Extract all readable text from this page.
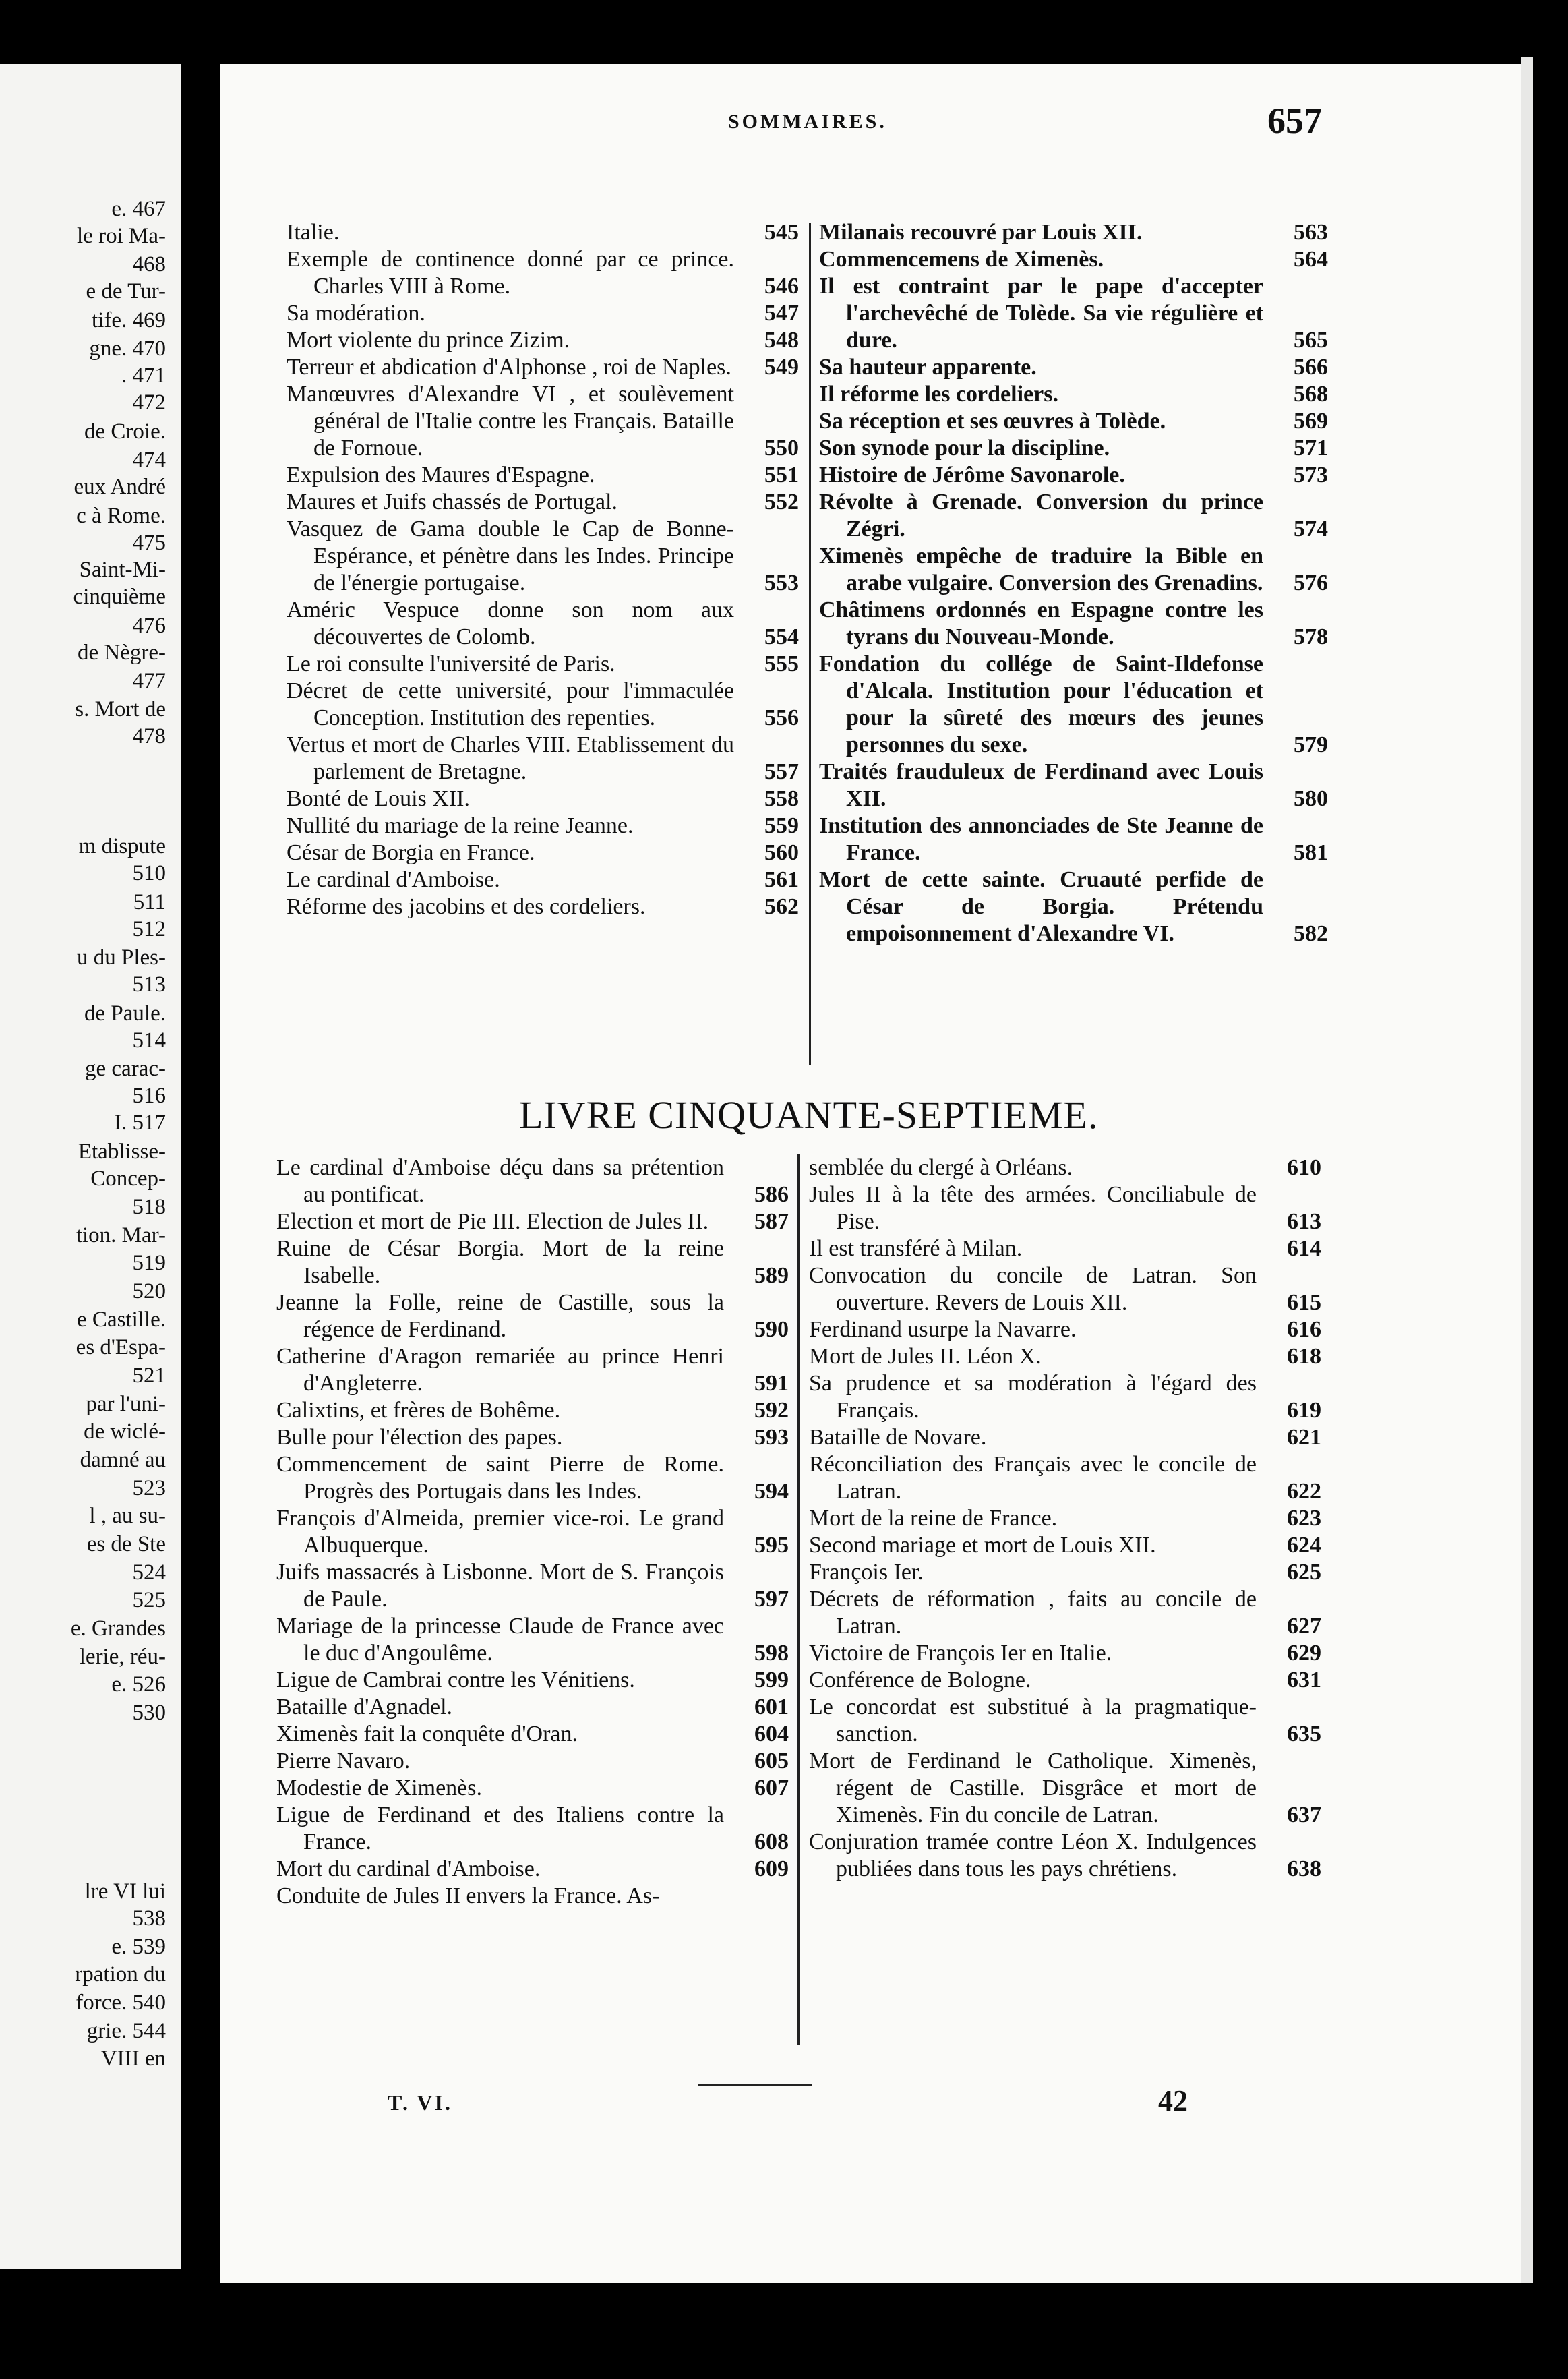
e. 467
le roi Ma-
468
e de Tur-
tife. 469
gne. 470
. 471
472
de Croie.
474
eux André
c à Rome.
475
Saint-Mi-
cinquième
476
de Nègre-
477
s. Mort de
478
m dispute
510
511
512
u du Ples-
513
de Paule.
514
ge carac-
516
I. 517
Etablisse-
Concep-
518
tion. Mar-
519
520
e Castille.
es d'Espa-
521
par l'uni-
de wiclé-
damné au
523
l , au su-
es de Ste
524
525
e. Grandes
lerie, réu-
e. 526
530
lre VI lui
538
e. 539
rpation du
force. 540
grie. 544
VIII en
SOMMAIRES.	657
Italie.	545
Exemple de continence donné par ce prince. Charles VIII à Rome.	546
Sa modération.	547
Mort violente du prince Zizim.	548
Terreur et abdication d'Alphonse , roi de Naples. 549
Manœuvres d'Alexandre VI , et soulèvement général de l'Italie contre les Français. Bataille de Fornoue.	550
Expulsion des Maures d'Espagne.	551
Maures et Juifs chassés de Portugal.	552
Vasquez de Gama double le Cap de Bonne-Espérance, et pénètre dans les Indes. Principe de l'énergie portugaise.	553
Améric Vespuce donne son nom aux découvertes de Colomb.	554
Le roi consulte l'université de Paris.	555
Décret de cette université, pour l'immaculée Conception. Institution des repenties.	556
Vertus et mort de Charles VIII. Etablissement du parlement de Bretagne.	557
Bonté de Louis XII.	558
Nullité du mariage de la reine Jeanne.	559
César de Borgia en France.	560
Le cardinal d'Amboise.	561
Réforme des jacobins et des cordeliers.	562
Milanais recouvré par Louis XII.	563
Commencemens de Ximenès.	564
Il est contraint par le pape d'accepter l'archevêché de Tolède. Sa vie régulière et dure.	565
Sa hauteur apparente.	566
Il réforme les cordeliers.	568
Sa réception et ses œuvres à Tolède.	569
Son synode pour la discipline.	571
Histoire de Jérôme Savonarole.	573
Révolte à Grenade. Conversion du prince Zégri.	574
Ximenès empêche de traduire la Bible en arabe vulgaire. Conversion des Grenadins. 576
Châtimens ordonnés en Espagne contre les tyrans du Nouveau-Monde.	578
Fondation du collége de Saint-Ildefonse d'Alcala. Institution pour l'éducation et pour la sûreté des mœurs des jeunes personnes du sexe.	579
Traités frauduleux de Ferdinand avec Louis XII.	580
Institution des annonciades de Ste Jeanne de France.	581
Mort de cette sainte. Cruauté perfide de César de Borgia. Prétendu empoisonnement d'Alexandre VI.	582
LIVRE CINQUANTE-SEPTIEME.
Le cardinal d'Amboise déçu dans sa prétention au pontificat.	586
Election et mort de Pie III. Election de Jules II. 587
Ruine de César Borgia. Mort de la reine Isabelle.	589
Jeanne la Folle, reine de Castille, sous la régence de Ferdinand.	590
Catherine d'Aragon remariée au prince Henri d'Angleterre.	591
Calixtins, et frères de Bohême.	592
Bulle pour l'élection des papes.	593
Commencement de saint Pierre de Rome. Progrès des Portugais dans les Indes.	594
François d'Almeida, premier vice-roi. Le grand Albuquerque.	595
Juifs massacrés à Lisbonne. Mort de S. François de Paule.	597
Mariage de la princesse Claude de France avec le duc d'Angoulême.	598
Ligue de Cambrai contre les Vénitiens.	599
Bataille d'Agnadel.	601
Ximenès fait la conquête d'Oran.	604
Pierre Navaro.	605
Modestie de Ximenès.	607
Ligue de Ferdinand et des Italiens contre la France.	608
Mort du cardinal d'Amboise.	609
Conduite de Jules II envers la France. As-
semblée du clergé à Orléans.	610
Jules II à la tête des armées. Conciliabule de Pise.	613
Il est transféré à Milan.	614
Convocation du concile de Latran. Son ouverture. Revers de Louis XII.	615
Ferdinand usurpe la Navarre.	616
Mort de Jules II. Léon X.	618
Sa prudence et sa modération à l'égard des Français.	619
Bataille de Novare.	621
Réconciliation des Français avec le concile de Latran.	622
Mort de la reine de France.	623
Second mariage et mort de Louis XII.	624
François Ier.	625
Décrets de réformation , faits au concile de Latran.	627
Victoire de François Ier en Italie.	629
Conférence de Bologne.	631
Le concordat est substitué à la pragmatique-sanction.	635
Mort de Ferdinand le Catholique. Ximenès, régent de Castille. Disgrâce et mort de Ximenès. Fin du concile de Latran.	637
Conjuration tramée contre Léon X. Indulgences publiées dans tous les pays chrétiens.	638
T. VI.	42
